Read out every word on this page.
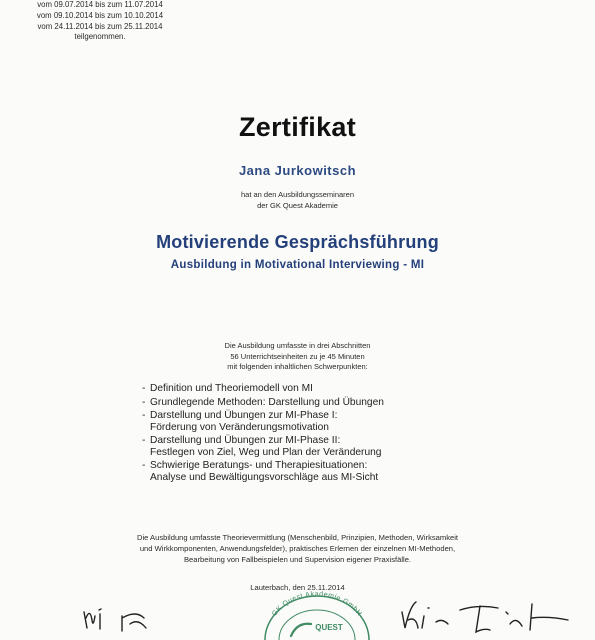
Zertifikat
Jana Jurkowitsch
hat an den Ausbildungsseminaren
der GK Quest Akademie
Motivierende Gesprächsführung
Ausbildung in Motivational Interviewing - MI
vom 09.07.2014 bis zum 11.07.2014
vom 09.10.2014 bis zum 10.10.2014
vom 24.11.2014 bis zum 25.11.2014
teilgenommen.
Die Ausbildung umfasste in drei Abschnitten
56 Unterrichtseinheiten zu je 45 Minuten
mit folgenden inhaltlichen Schwerpunkten:
- Definition und Theoriemodell von MI
- Grundlegende Methoden: Darstellung und Übungen
- Darstellung und Übungen zur MI-Phase I:
Förderung von Veränderungsmotivation
- Darstellung und Übungen zur MI-Phase II:
Festlegen von Ziel, Weg und Plan der Veränderung
- Schwierige Beratungs- und Therapiesituationen:
Analyse und Bewältigungsvorschläge aus MI-Sicht
Die Ausbildung umfasste Theorievermittlung (Menschenbild, Prinzipien, Methoden, Wirksamkeit
und Wirkkomponenten, Anwendungsfelder), praktisches Erlernen der einzelnen MI-Methoden,
Bearbeitung von Fallbeispielen und Supervision eigener Praxisfälle.
Lauterbach, den 25.11.2014
GK Quest Akademie GmbH
QUEST
